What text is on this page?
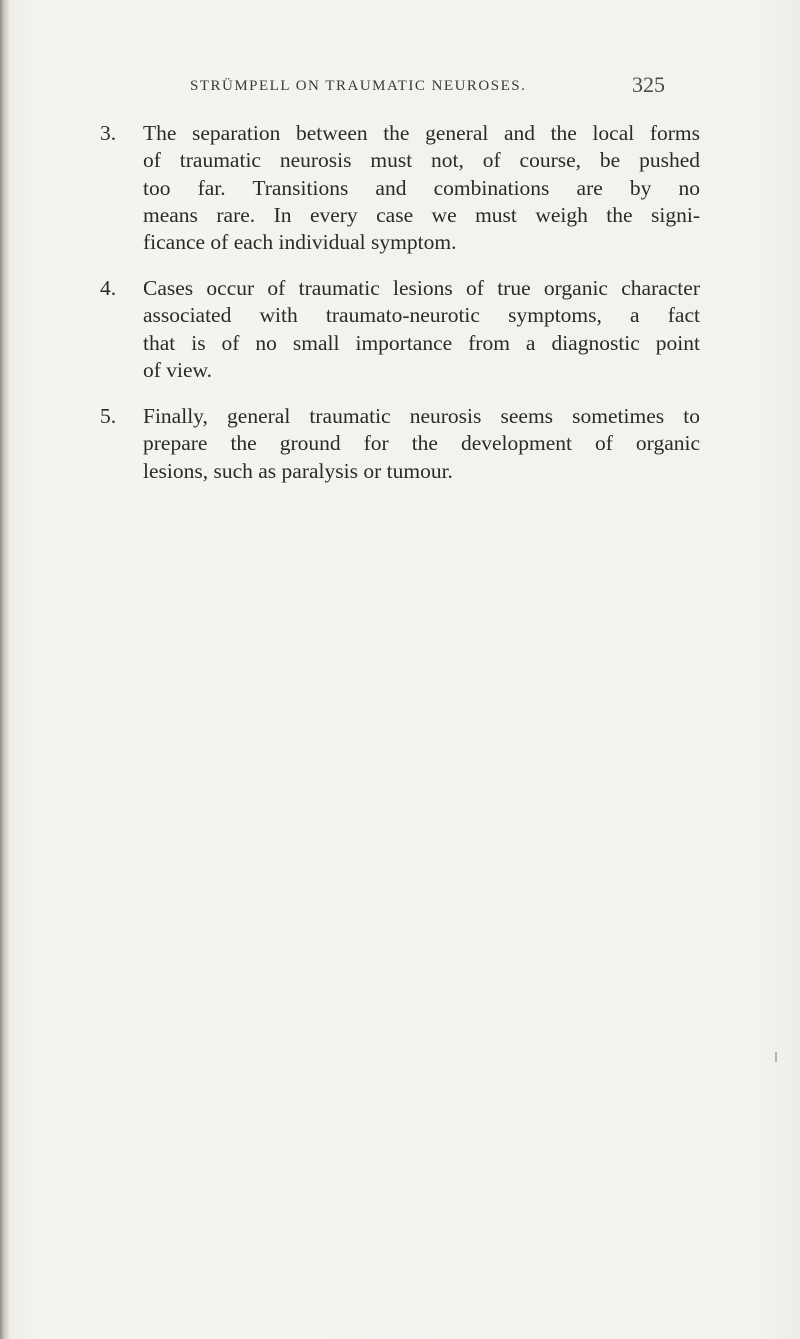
STRÜMPELL ON TRAUMATIC NEUROSES.	325
3.	The separation between the general and the local forms
of traumatic neurosis must not, of course, be pushed
too far. Transitions and combinations are by no
means rare. In every case we must weigh the signi-
ficance of each individual symptom.
4.	Cases occur of traumatic lesions of true organic character
associated with traumato-neurotic symptoms, a fact
that is of no small importance from a diagnostic point
of view.
5.	Finally, general traumatic neurosis seems sometimes to
prepare the ground for the development of organic
lesions, such as paralysis or tumour.
